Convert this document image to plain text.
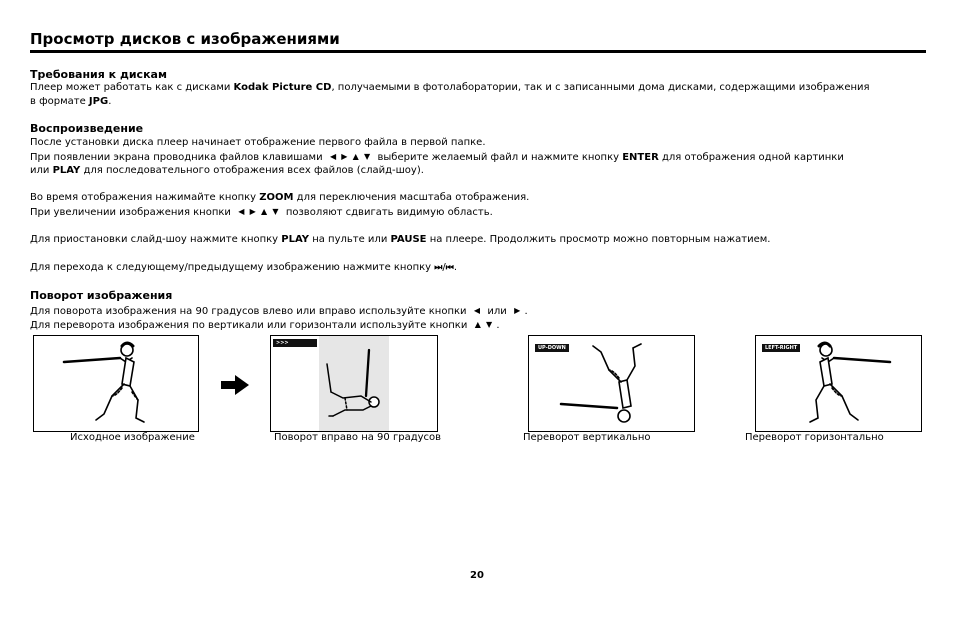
Просмотр дисков с изображениями
Требования к дискам
Плеер может работать как с дисками Kodak Picture CD, получаемыми в фотолаборатории, так и с записанными дома дисками, содержащими изображения
в формате JPG.
Воспроизведение
После установки диска плеер начинает отображение первого файла в первой папке.
При появлении экрана проводника файлов клавишами ◀ ▶ ▲ ▼ выберите желаемый файл и нажмите кнопку ENTER для отображения одной картинки
или PLAY для последовательного отображения всех файлов (слайд-шоу).
Во время отображения нажимайте кнопку ZOOM для переключения масштаба отображения.
При увеличении изображения кнопки ◀ ▶ ▲ ▼ позволяют сдвигать видимую область.
Для приостановки слайд-шоу нажмите кнопку PLAY на пульте или PAUSE на плеере. Продолжить просмотр можно повторным нажатием.
Для перехода к следующему/предыдущему изображению нажмите кнопку ⏭/⏮.
Поворот изображения
Для поворота изображения на 90 градусов влево или вправо используйте кнопки ◀ или ▶ .
Для переворота изображения по вертикали или горизонтали используйте кнопки ▲ ▼ .
>>>
UP-DOWN	LEFT-RIGHT
Исходное изображение	Поворот вправо на 90 градусов	Переворот вертикально	Переворот горизонтально
20
